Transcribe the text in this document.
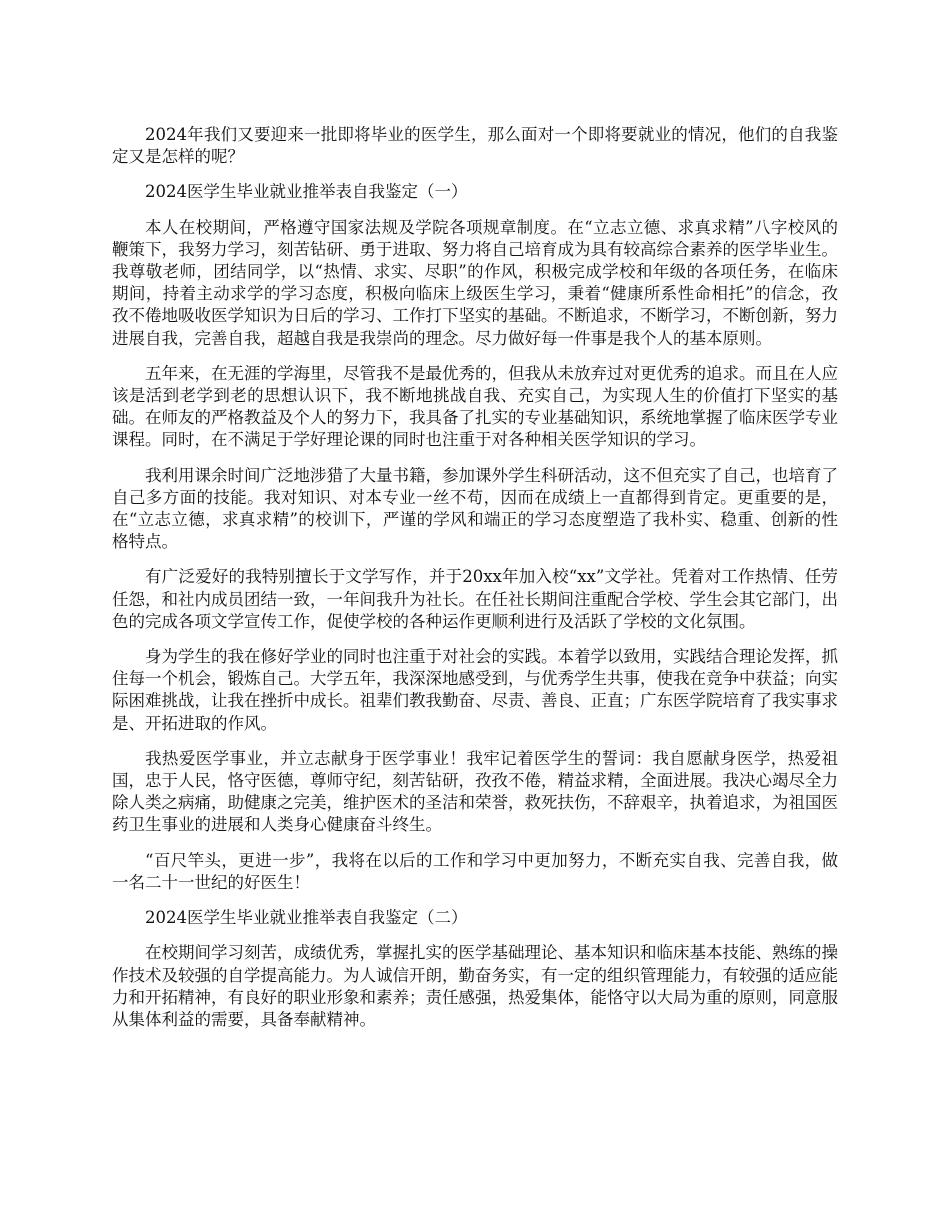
2024年我们又要迎来一批即将毕业的医学生，那么面对一个即将要就业的情况，他们的自我鉴定又是怎样的呢？

2024医学生毕业就业推举表自我鉴定（一）

本人在校期间，严格遵守国家法规及学院各项规章制度。在“立志立德、求真求精”八字校风的鞭策下，我努力学习，刻苦钻研、勇于进取、努力将自己培育成为具有较高综合素养的医学毕业生。我尊敬老师，团结同学，以“热情、求实、尽职”的作风，积极完成学校和年级的各项任务，在临床期间，持着主动求学的学习态度，积极向临床上级医生学习，秉着“健康所系性命相托”的信念，孜孜不倦地吸收医学知识为日后的学习、工作打下坚实的基础。不断追求，不断学习，不断创新，努力进展自我，完善自我，超越自我是我崇尚的理念。尽力做好每一件事是我个人的基本原则。

五年来，在无涯的学海里，尽管我不是最优秀的，但我从未放弃过对更优秀的追求。而且在人应该是活到老学到老的思想认识下，我不断地挑战自我、充实自己，为实现人生的价值打下坚实的基础。在师友的严格教益及个人的努力下，我具备了扎实的专业基础知识，系统地掌握了临床医学专业课程。同时，在不满足于学好理论课的同时也注重于对各种相关医学知识的学习。

我利用课余时间广泛地涉猎了大量书籍，参加课外学生科研活动，这不但充实了自己，也培育了自己多方面的技能。我对知识、对本专业一丝不苟，因而在成绩上一直都得到肯定。更重要的是，在“立志立德，求真求精”的校训下，严谨的学风和端正的学习态度塑造了我朴实、稳重、创新的性格特点。

有广泛爱好的我特别擅长于文学写作，并于20xx年加入校“xx”文学社。凭着对工作热情、任劳任怨，和社内成员团结一致，一年间我升为社长。在任社长期间注重配合学校、学生会其它部门，出色的完成各项文学宣传工作，促使学校的各种运作更顺利进行及活跃了学校的文化氛围。

身为学生的我在修好学业的同时也注重于对社会的实践。本着学以致用，实践结合理论发挥，抓住每一个机会，锻炼自己。大学五年，我深深地感受到，与优秀学生共事，使我在竞争中获益；向实际困难挑战，让我在挫折中成长。祖辈们教我勤奋、尽责、善良、正直；广东医学院培育了我实事求是、开拓进取的作风。

我热爱医学事业，并立志献身于医学事业！我牢记着医学生的誓词：我自愿献身医学，热爱祖国，忠于人民，恪守医德，尊师守纪，刻苦钻研，孜孜不倦，精益求精，全面进展。我决心竭尽全力除人类之病痛，助健康之完美，维护医术的圣洁和荣誉，救死扶伤，不辞艰辛，执着追求，为祖国医药卫生事业的进展和人类身心健康奋斗终生。

“百尺竿头，更进一步”，我将在以后的工作和学习中更加努力，不断充实自我、完善自我，做一名二十一世纪的好医生！

2024医学生毕业就业推举表自我鉴定（二）

在校期间学习刻苦，成绩优秀，掌握扎实的医学基础理论、基本知识和临床基本技能、熟练的操作技术及较强的自学提高能力。为人诚信开朗，勤奋务实，有一定的组织管理能力，有较强的适应能力和开拓精神，有良好的职业形象和素养；责任感强，热爱集体，能恪守以大局为重的原则，同意服从集体利益的需要，具备奉献精神。
